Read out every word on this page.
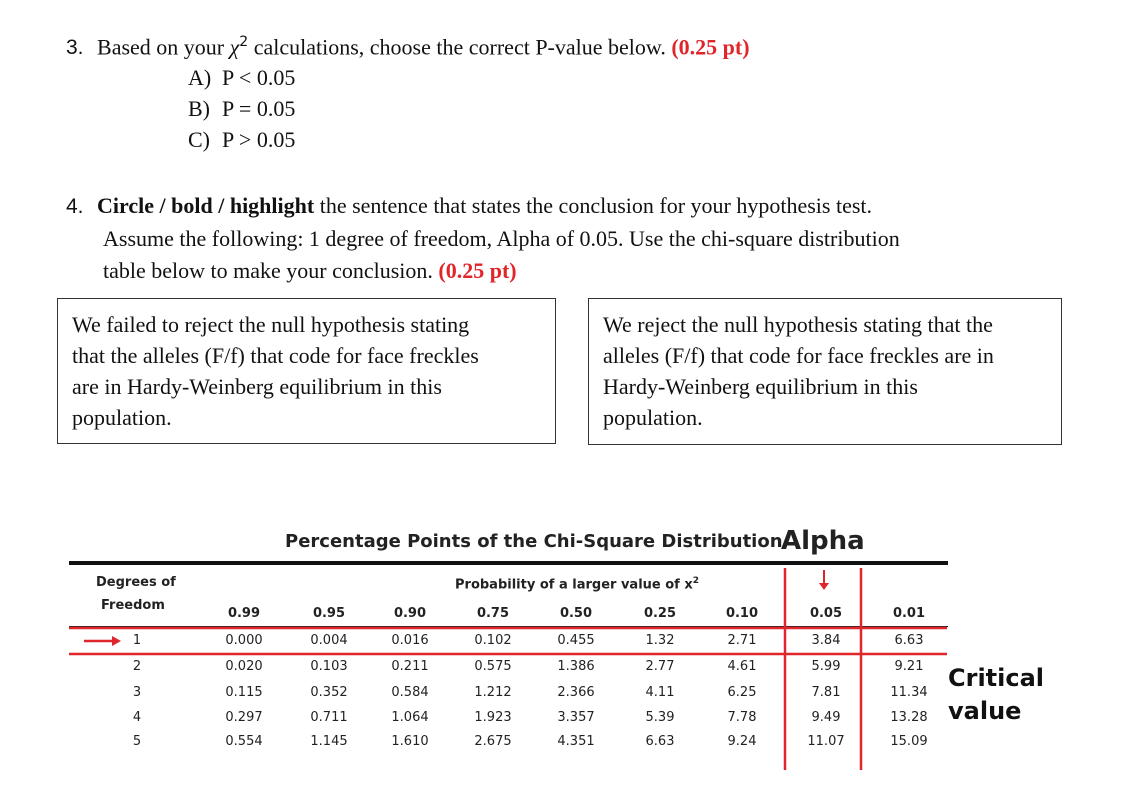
3. Based on your $\chi^2$ calculations, choose the correct P-value below. (0.25 pt)
A) P < 0.05
B) P = 0.05
C) P > 0.05
4. Circle / bold / highlight the sentence that states the conclusion for your hypothesis test.
Assume the following: 1 degree of freedom, Alpha of 0.05. Use the chi-square distribution
table below to make your conclusion. (0.25 pt)
We failed to reject the null hypothesis stating
that the alleles (F/f) that code for face freckles
are in Hardy-Weinberg equilibrium in this
population.
We reject the null hypothesis stating that the
alleles (F/f) that code for face freckles are in
Hardy-Weinberg equilibrium in this
population.
Percentage Points of the Chi-Square Distribution
Alpha
Degrees of
Freedom
Probability of a larger value of $x^2$
0.99	0.95	0.90	0.75	0.50	0.25	0.10	0.05	0.01
1	0.000	0.004	0.016	0.102	0.455	1.32	2.71	3.84	6.63
2	0.020	0.103	0.211	0.575	1.386	2.77	4.61	5.99	9.21
3	0.115	0.352	0.584	1.212	2.366	4.11	6.25	7.81	11.34
4	0.297	0.711	1.064	1.923	3.357	5.39	7.78	9.49	13.28
5	0.554	1.145	1.610	2.675	4.351	6.63	9.24	11.07	15.09
Critical
value
